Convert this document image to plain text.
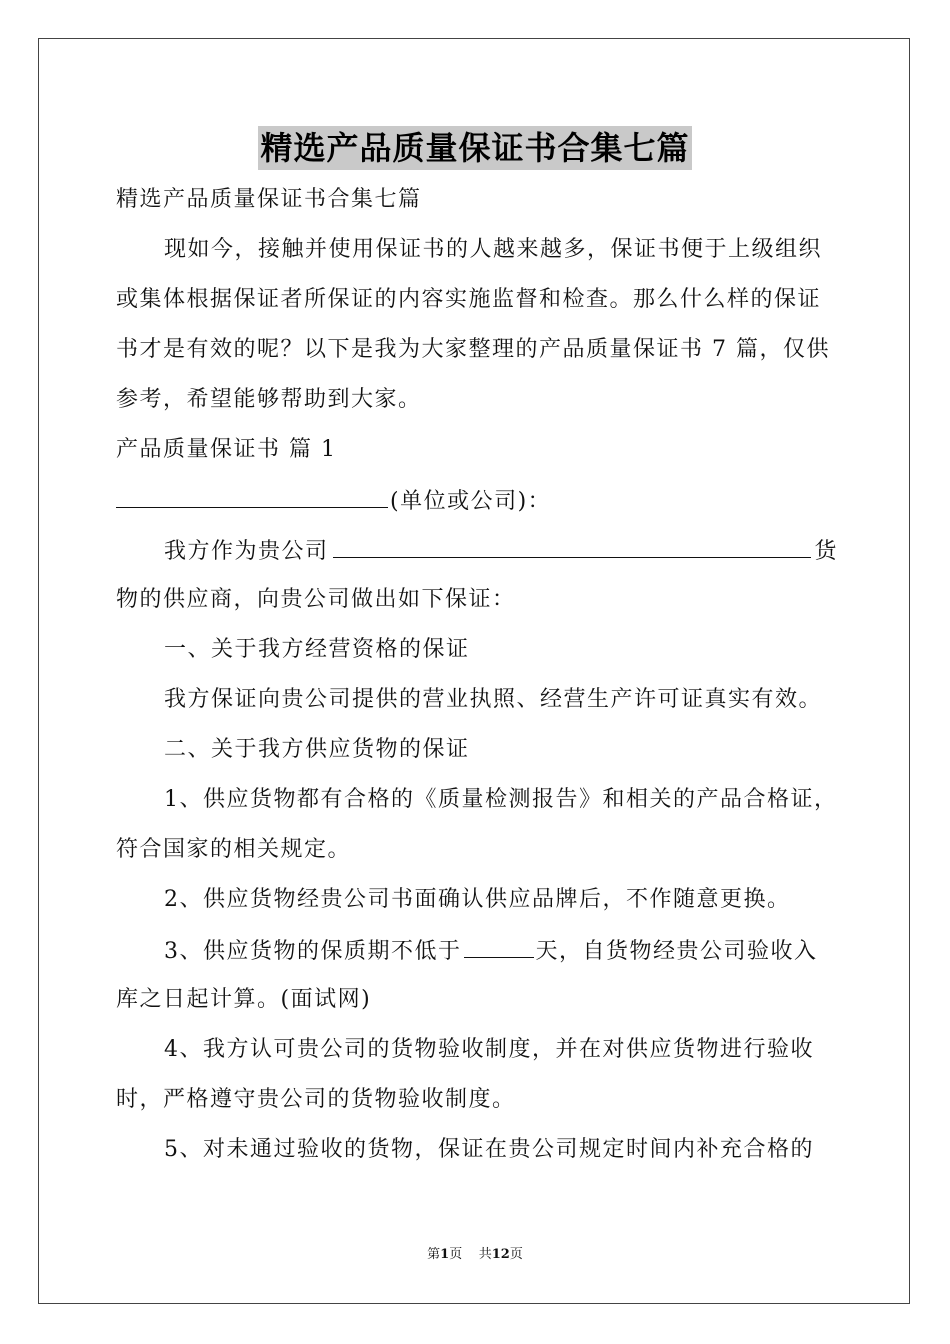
精选产品质量保证书合集七篇
精选产品质量保证书合集七篇
现如今，接触并使用保证书的人越来越多，保证书便于上级组织
或集体根据保证者所保证的内容实施监督和检查。那么什么样的保证
书才是有效的呢？以下是我为大家整理的产品质量保证书 7 篇，仅供
参考，希望能够帮助到大家。
产品质量保证书 篇 1
(单位或公司)：
我方作为贵公司	货
物的供应商，向贵公司做出如下保证：
一、关于我方经营资格的保证
我方保证向贵公司提供的营业执照、经营生产许可证真实有效。
二、关于我方供应货物的保证
1、供应货物都有合格的《质量检测报告》和相关的产品合格证，
符合国家的相关规定。
2、供应货物经贵公司书面确认供应品牌后，不作随意更换。
3、供应货物的保质期不低于	天，自货物经贵公司验收入
库之日起计算。(面试网)
4、我方认可贵公司的货物验收制度，并在对供应货物进行验收
时，严格遵守贵公司的货物验收制度。
5、对未通过验收的货物，保证在贵公司规定时间内补充合格的
第1页    共12页
